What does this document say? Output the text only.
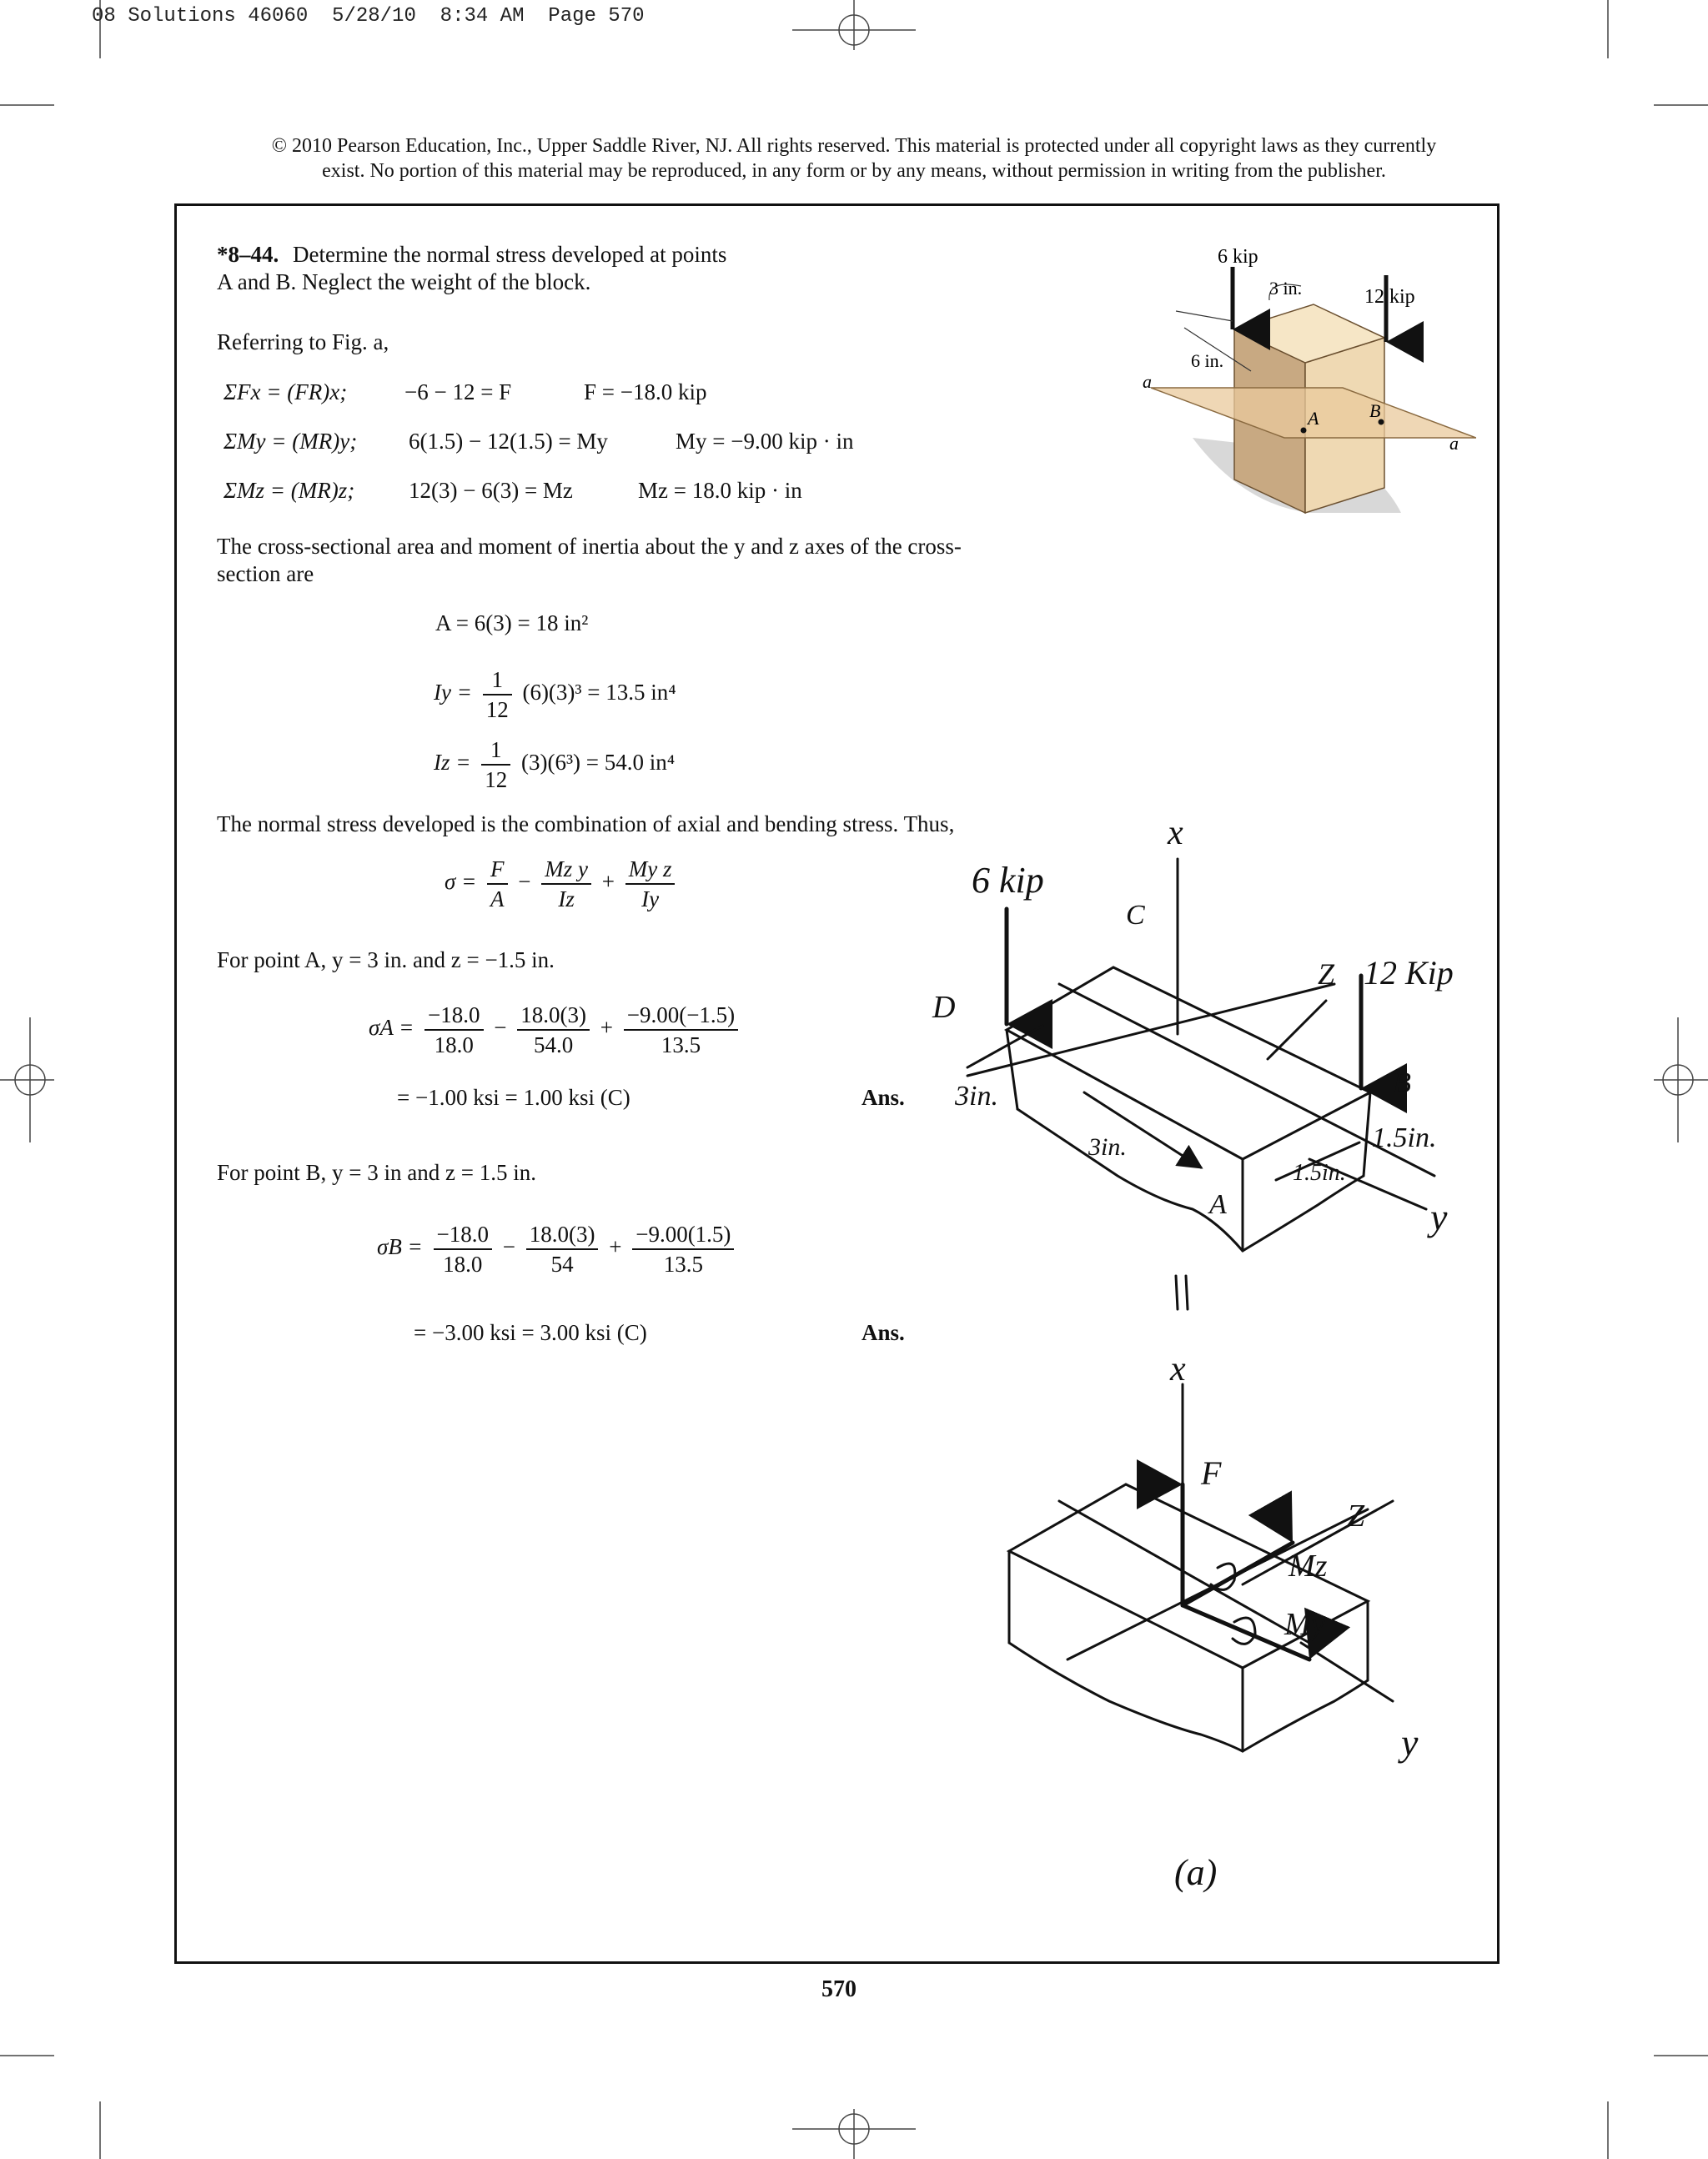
08 Solutions 46060  5/28/10  8:34 AM  Page 570
© 2010 Pearson Education, Inc., Upper Saddle River, NJ. All rights reserved. This material is protected under all copyright laws as they currently
exist. No portion of this material may be reproduced, in any form or by any means, without permission in writing from the publisher.
*8–44. Determine the normal stress developed at points
A and B. Neglect the weight of the block.
Referring to Fig. a,
ΣFx = (FR)x;	−6 − 12 = F	F = −18.0 kip
ΣMy = (MR)y; 6(1.5) − 12(1.5) = My	My = −9.00 kip · in
ΣMz = (MR)z; 12(3) − 6(3) = Mz	Mz = 18.0 kip · in
The cross-sectional area and moment of inertia about the y and z axes of the cross-
section are
A = 6(3) = 18 in²
$Iy = \frac{1}{12} (6)(3)^3 = 13.5$ in⁴
$Iz = \frac{1}{12} (3)(6^3) = 54.0$ in⁴
The normal stress developed is the combination of axial and bending stress. Thus,
$\sigma = \frac{F}{A} - \frac{\text{Mz y}}{Iz} + \frac{\text{My z}}{Iy}$
For point A, y = 3 in. and z = −1.5 in.
$\sigma A = \frac{-18.0}{18.0} - \frac{18.0(3)}{54.0} + \frac{-9.00(-1.5)}{13.5}$
= −1.00 ksi = 1.00 ksi (C)	Ans.
For point B, y = 3 in and z = 1.5 in.
$\sigma B = \frac{-18.0}{18.0} - \frac{18.0(3)}{54} + \frac{-9.00(1.5)}{13.5}$
= −3.00 ksi = 3.00 ksi (C)	Ans.
6 kip
3 in.	12 kip
6 in.
a
a
A	B
x
6 kip
C
Z 12 Kip
D
B
3in.
1.5in.
3in.
1.5in.
A	y
x
F
Z
Mz
My
y
(a)
570
